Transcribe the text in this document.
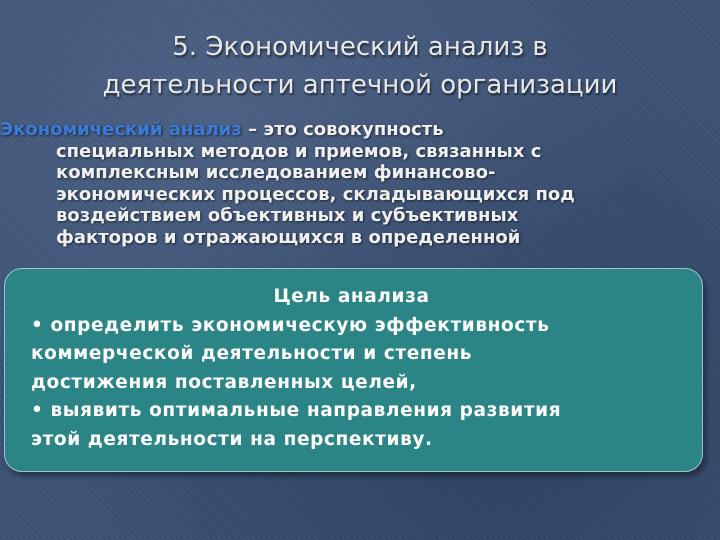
5. Экономический анализ в
деятельности аптечной организации
Экономический анализ – это совокупность
специальных методов и приемов, связанных с
комплексным исследованием финансово-
экономических процессов, складывающихся под
воздействием объективных и субъективных
факторов и отражающихся в определенной
Цель анализа
• определить экономическую эффективность
коммерческой деятельности и степень
достижения поставленных целей,
• выявить оптимальные направления развития
этой деятельности на перспективу.
